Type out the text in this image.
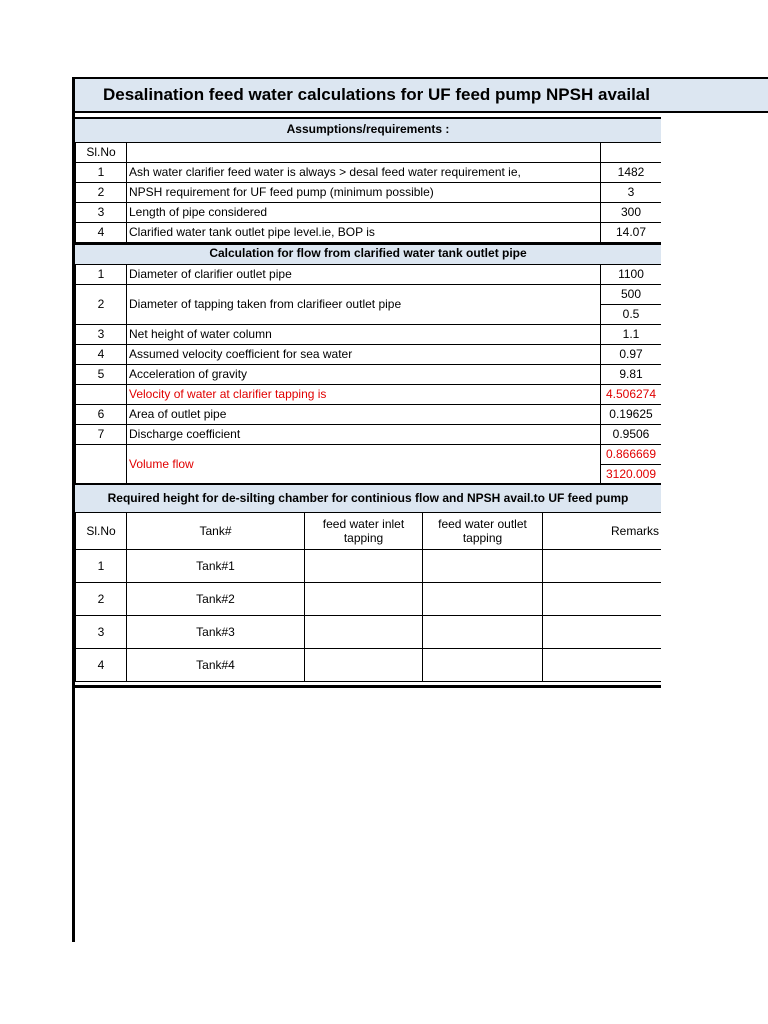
Desalination feed water calculations for UF feed pump NPSH availal
Assumptions/requirements :
Sl.No		
1	Ash water clarifier feed water is always > desal feed water requirement ie,	1482
2	NPSH requirement for UF feed pump (minimum possible)	3
3	Length of pipe considered	300
4	Clarified water tank outlet pipe level.ie, BOP is	14.07
Calculation for flow from clarified water tank outlet pipe
1	Diameter of clarifier outlet pipe	1100
2	Diameter of tapping taken from clarifieer outlet pipe	500
		0.5
3	Net height of water column	1.1
4	Assumed velocity coefficient for sea water	0.97
5	Acceleration of gravity	9.81
	Velocity of water at clarifier tapping is	4.506274
6	Area of outlet pipe	0.19625
7	Discharge coefficient	0.9506
	Volume flow	0.866669
		3120.009
Required height for de-silting chamber for continious flow and NPSH avail.to UF feed pump
Sl.No	Tank#	feed water inlet tapping	feed water outlet tapping	Remarks
1	Tank#1			
2	Tank#2			
3	Tank#3			
4	Tank#4			
